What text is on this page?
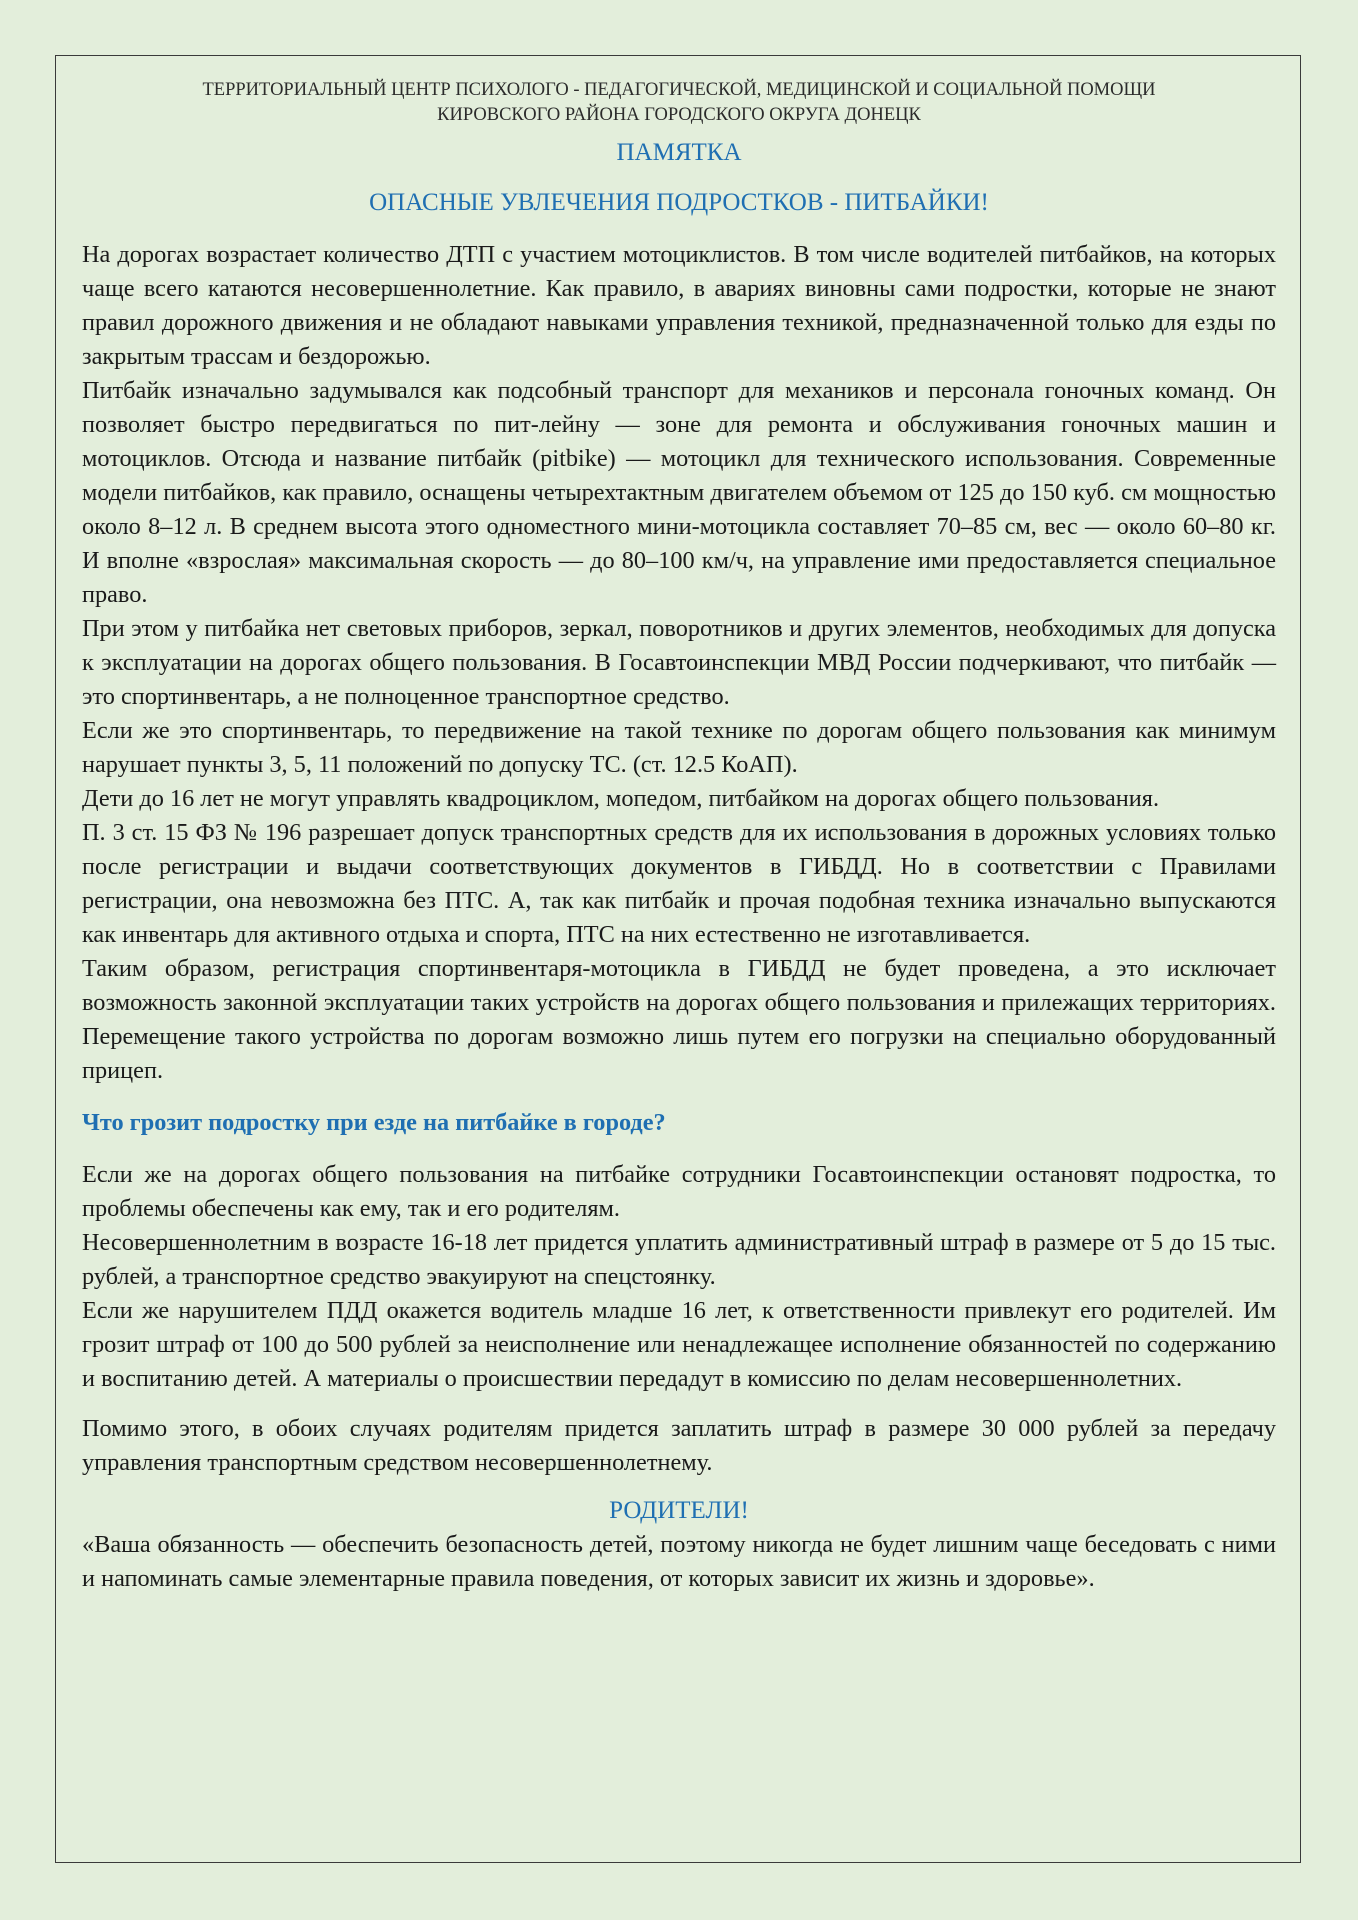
ТЕРРИТОРИАЛЬНЫЙ ЦЕНТР ПСИХОЛОГО - ПЕДАГОГИЧЕСКОЙ, МЕДИЦИНСКОЙ И СОЦИАЛЬНОЙ ПОМОЩИ

КИРОВСКОГО РАЙОНА ГОРОДСКОГО ОКРУГА ДОНЕЦК

ПАМЯТКА

ОПАСНЫЕ УВЛЕЧЕНИЯ ПОДРОСТКОВ - ПИТБАЙКИ!

На дорогах возрастает количество ДТП с участием мотоциклистов. В том числе водителей питбайков, на которых чаще всего катаются несовершеннолетние. Как правило, в авариях виновны сами подростки, которые не знают правил дорожного движения и не обладают навыками управления техникой, предназначенной только для езды по закрытым трассам и бездорожью.

Питбайк изначально задумывался как подсобный транспорт для механиков и персонала гоночных команд. Он позволяет быстро передвигаться по пит-лейну — зоне для ремонта и обслуживания гоночных машин и мотоциклов. Отсюда и название питбайк (pitbike) — мотоцикл для технического использования. Современные модели питбайков, как правило, оснащены четырехтактным двигателем объемом от 125 до 150 куб. см мощностью около 8–12 л. В среднем высота этого одноместного мини-мотоцикла составляет 70–85 см, вес — около 60–80 кг. И вполне «взрослая» максимальная скорость — до 80–100 км/ч, на управление ими предоставляется специальное право.

При этом у питбайка нет световых приборов, зеркал, поворотников и других элементов, необходимых для допуска к эксплуатации на дорогах общего пользования. В Госавтоинспекции МВД России подчеркивают, что питбайк — это спортинвентарь, а не полноценное транспортное средство.

Если же это спортинвентарь, то передвижение на такой технике по дорогам общего пользования как минимум нарушает пункты 3, 5, 11 положений по допуску ТС. (ст. 12.5 КоАП).

Дети до 16 лет не могут управлять квадроциклом, мопедом, питбайком на дорогах общего пользования.

П. 3 ст. 15 ФЗ № 196 разрешает допуск транспортных средств для их использования в дорожных условиях только после регистрации и выдачи соответствующих документов в ГИБДД. Но в соответствии с Правилами регистрации, она невозможна без ПТС. А, так как питбайк и прочая подобная техника изначально выпускаются как инвентарь для активного отдыха и спорта, ПТС на них естественно не изготавливается.

Таким образом, регистрация спортинвентаря-мотоцикла в ГИБДД не будет проведена, а это исключает возможность законной эксплуатации таких устройств на дорогах общего пользования и прилежащих территориях. Перемещение такого устройства по дорогам возможно лишь путем его погрузки на специально оборудованный прицеп.

Что грозит подростку при езде на питбайке в городе?

Если же на дорогах общего пользования на питбайке сотрудники Госавтоинспекции остановят подростка, то проблемы обеспечены как ему, так и его родителям.

Несовершеннолетним в возрасте 16-18 лет придется уплатить административный штраф в размере от 5 до 15 тыс. рублей, а транспортное средство эвакуируют на спецстоянку.

Если же нарушителем ПДД окажется водитель младше 16 лет, к ответственности привлекут его родителей. Им грозит штраф от 100 до 500 рублей за неисполнение или ненадлежащее исполнение обязанностей по содержанию и воспитанию детей. А материалы о происшествии передадут в комиссию по делам несовершеннолетних.

Помимо этого, в обоих случаях родителям придется заплатить штраф в размере 30 000 рублей за передачу управления транспортным средством несовершеннолетнему.

РОДИТЕЛИ!

«Ваша обязанность — обеспечить безопасность детей, поэтому никогда не будет лишним чаще беседовать с ними и напоминать самые элементарные правила поведения, от которых зависит их жизнь и здоровье».
